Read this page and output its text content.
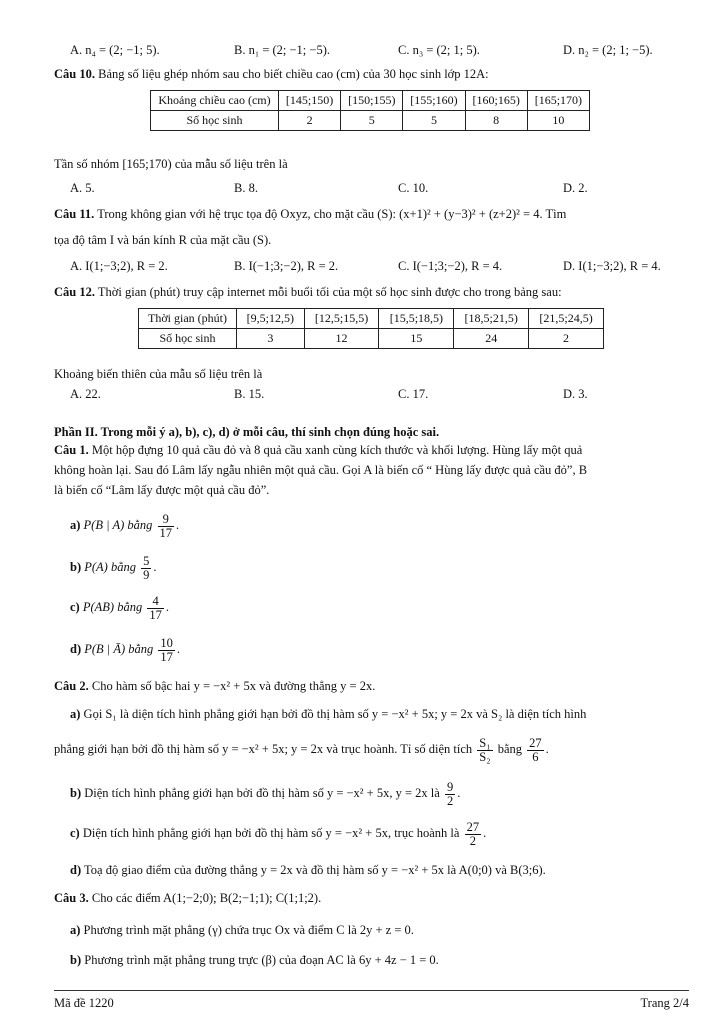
A. n₄ = (2; −1; 5).	B. n₁ = (2; −1; −5).	C. n₃ = (2; 1; 5).	D. n₂ = (2; 1; −5).
Câu 10. Bảng số liệu ghép nhóm sau cho biết chiều cao (cm) của 30 học sinh lớp 12A:
Khoảng chiều cao (cm)	[145;150)	[150;155)	[155;160)	[160;165)	[165;170)
Số học sinh	2	5	5	8	10
Tần số nhóm [165;170) của mẫu số liệu trên là
A. 5.	B. 8.	C. 10.	D. 2.
Câu 11. Trong không gian với hệ trục tọa độ Oxyz, cho mặt cầu (S): (x+1)² + (y−3)² + (z+2)² = 4. Tìm
tọa độ tâm I và bán kính R của mặt cầu (S).
A. I(1;−3;2), R = 2.	B. I(−1;3;−2), R = 2.	C. I(−1;3;−2), R = 4.	D. I(1;−3;2), R = 4.
Câu 12. Thời gian (phút) truy cập internet mỗi buổi tối của một số học sinh được cho trong bảng sau:
Thời gian (phút)	[9,5;12,5)	[12,5;15,5)	[15,5;18,5)	[18,5;21,5)	[21,5;24,5)
Số học sinh	3	12	15	24	2
Khoảng biến thiên của mẫu số liệu trên là
A. 22.	B. 15.	C. 17.	D. 3.
Phần II. Trong mỗi ý a), b), c), d) ở mỗi câu, thí sinh chọn đúng hoặc sai.
Câu 1. Một hộp đựng 10 quả cầu đỏ và 8 quả cầu xanh cùng kích thước và khối lượng. Hùng lấy một quả
không hoàn lại. Sau đó Lâm lấy ngẫu nhiên một quả cầu. Gọi A là biến cố “ Hùng lấy được quả cầu đỏ”, B
là biến cố “Lâm lấy được một quả cầu đỏ”.
a) P(B | A) bằng $\frac{9}{17}$ .
b) P(A) bằng $\frac{5}{9}$ .
c) P(AB) bằng $\frac{4}{17}$ .
d) P(B | Ā) bằng $\frac{10}{17}$ .
Câu 2. Cho hàm số bậc hai y = −x² + 5x và đường thẳng y = 2x.
a) Gọi S₁ là diện tích hình phẳng giới hạn bởi đồ thị hàm số y = −x² + 5x; y = 2x và S₂ là diện tích hình
phẳng giới hạn bởi đồ thị hàm số y = −x² + 5x; y = 2x và trục hoành. Tỉ số diện tích $\frac{\text{S₁}}{\text{S₂}}$ bằng $\frac{27}{6}$ .
b) Diện tích hình phẳng giới hạn bởi đồ thị hàm số y = −x² + 5x, y = 2x là $\frac{9}{2}$ .
c) Diện tích hình phẳng giới hạn bởi đồ thị hàm số y = −x² + 5x, trục hoành là $\frac{27}{2}$ .
d) Toạ độ giao điểm của đường thẳng y = 2x và đồ thị hàm số y = −x² + 5x là A(0;0) và B(3;6).
Câu 3. Cho các điểm A(1;−2;0); B(2;−1;1); C(1;1;2).
a) Phương trình mặt phẳng (γ) chứa trục Ox và điểm C là 2y + z = 0.
b) Phương trình mặt phẳng trung trực (β) của đoạn AC là 6y + 4z − 1 = 0.
Mã đề 1220	Trang 2/4
